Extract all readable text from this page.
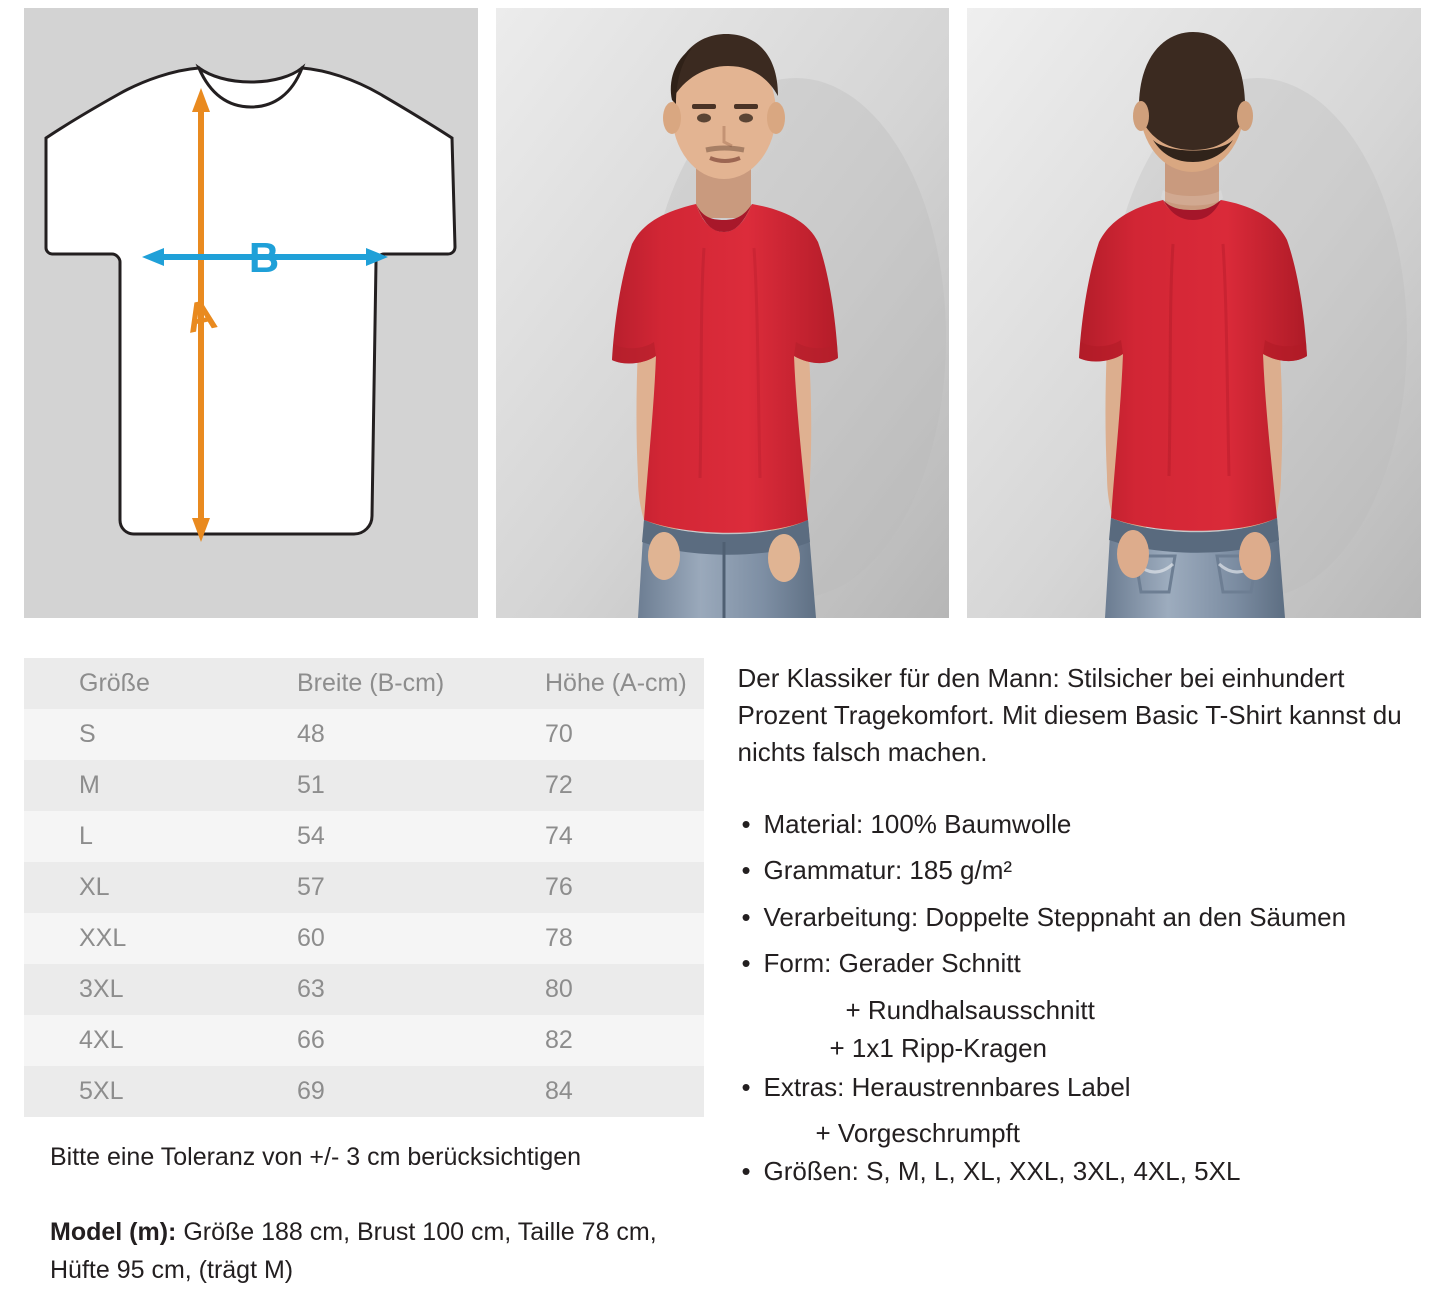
B
A
Größe	Breite (B-cm)	Höhe (A-cm)
S	48	70
M	51	72
L	54	74
XL	57	76
XXL	60	78
3XL	63	80
4XL	66	82
5XL	69	84
Bitte eine Toleranz von +/- 3 cm berücksichtigen
Model (m): Größe 188 cm, Brust 100 cm, Taille 78 cm, Hüfte 95 cm, (trägt M)

Der Klassiker für den Mann: Stilsicher bei einhundert Prozent Tragekomfort. Mit diesem Basic T-Shirt kannst du nichts falsch machen.

• Material: 100% Baumwolle
• Grammatur: 185 g/m²
• Verarbeitung: Doppelte Steppnaht an den Säumen
• Form: Gerader Schnitt
+ Rundhalsausschnitt
+ 1x1 Ripp-Kragen
• Extras: Heraustrennbares Label
+ Vorgeschrumpft
• Größen: S, M, L, XL, XXL, 3XL, 4XL, 5XL
